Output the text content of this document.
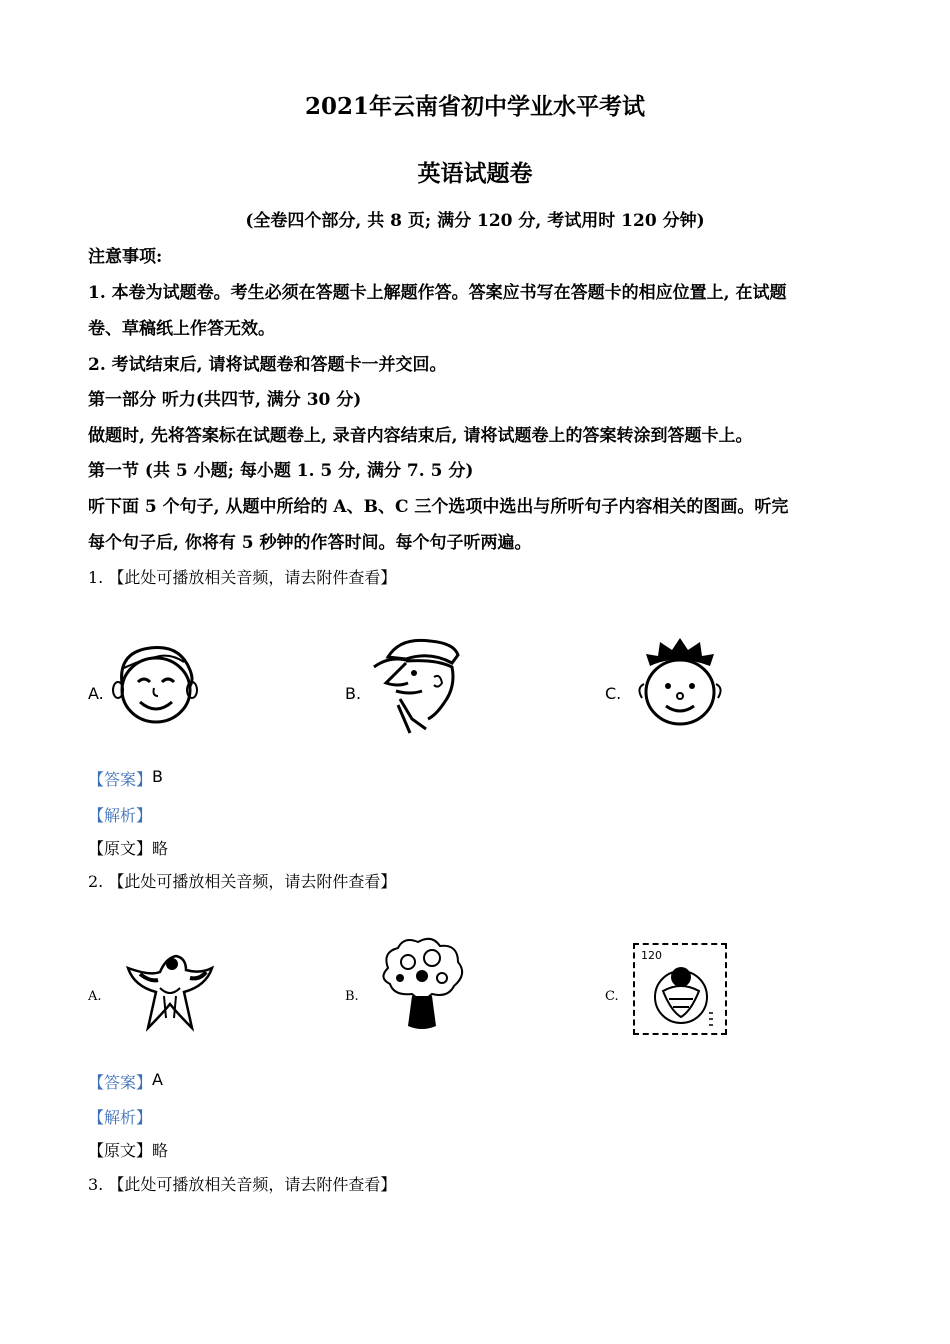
2021年云南省初中学业水平考试
英语试题卷
(全卷四个部分, 共 8 页; 满分 120 分, 考试用时 120 分钟)
注意事项:
1. 本卷为试题卷。考生必须在答题卡上解题作答。答案应书写在答题卡的相应位置上, 在试题
卷、草稿纸上作答无效。
2. 考试结束后, 请将试题卷和答题卡一并交回。
第一部分 听力(共四节, 满分 30 分)
做题时, 先将答案标在试题卷上, 录音内容结束后, 请将试题卷上的答案转涂到答题卡上。
第一节 (共 5 小题; 每小题 1. 5 分, 满分 7. 5 分)
听下面 5 个句子, 从题中所给的 A、B、C 三个选项中选出与所听句子内容相关的图画。听完
每个句子后, 你将有 5 秒钟的作答时间。每个句子听两遍。
1. 【此处可播放相关音频，请去附件查看】
A.	B.	C.
【答案】 B
【解析】
【原文】 略
2. 【此处可播放相关音频，请去附件查看】
A.	B.	C.
120
【答案】 A
【解析】
【原文】 略
3. 【此处可播放相关音频，请去附件查看】
